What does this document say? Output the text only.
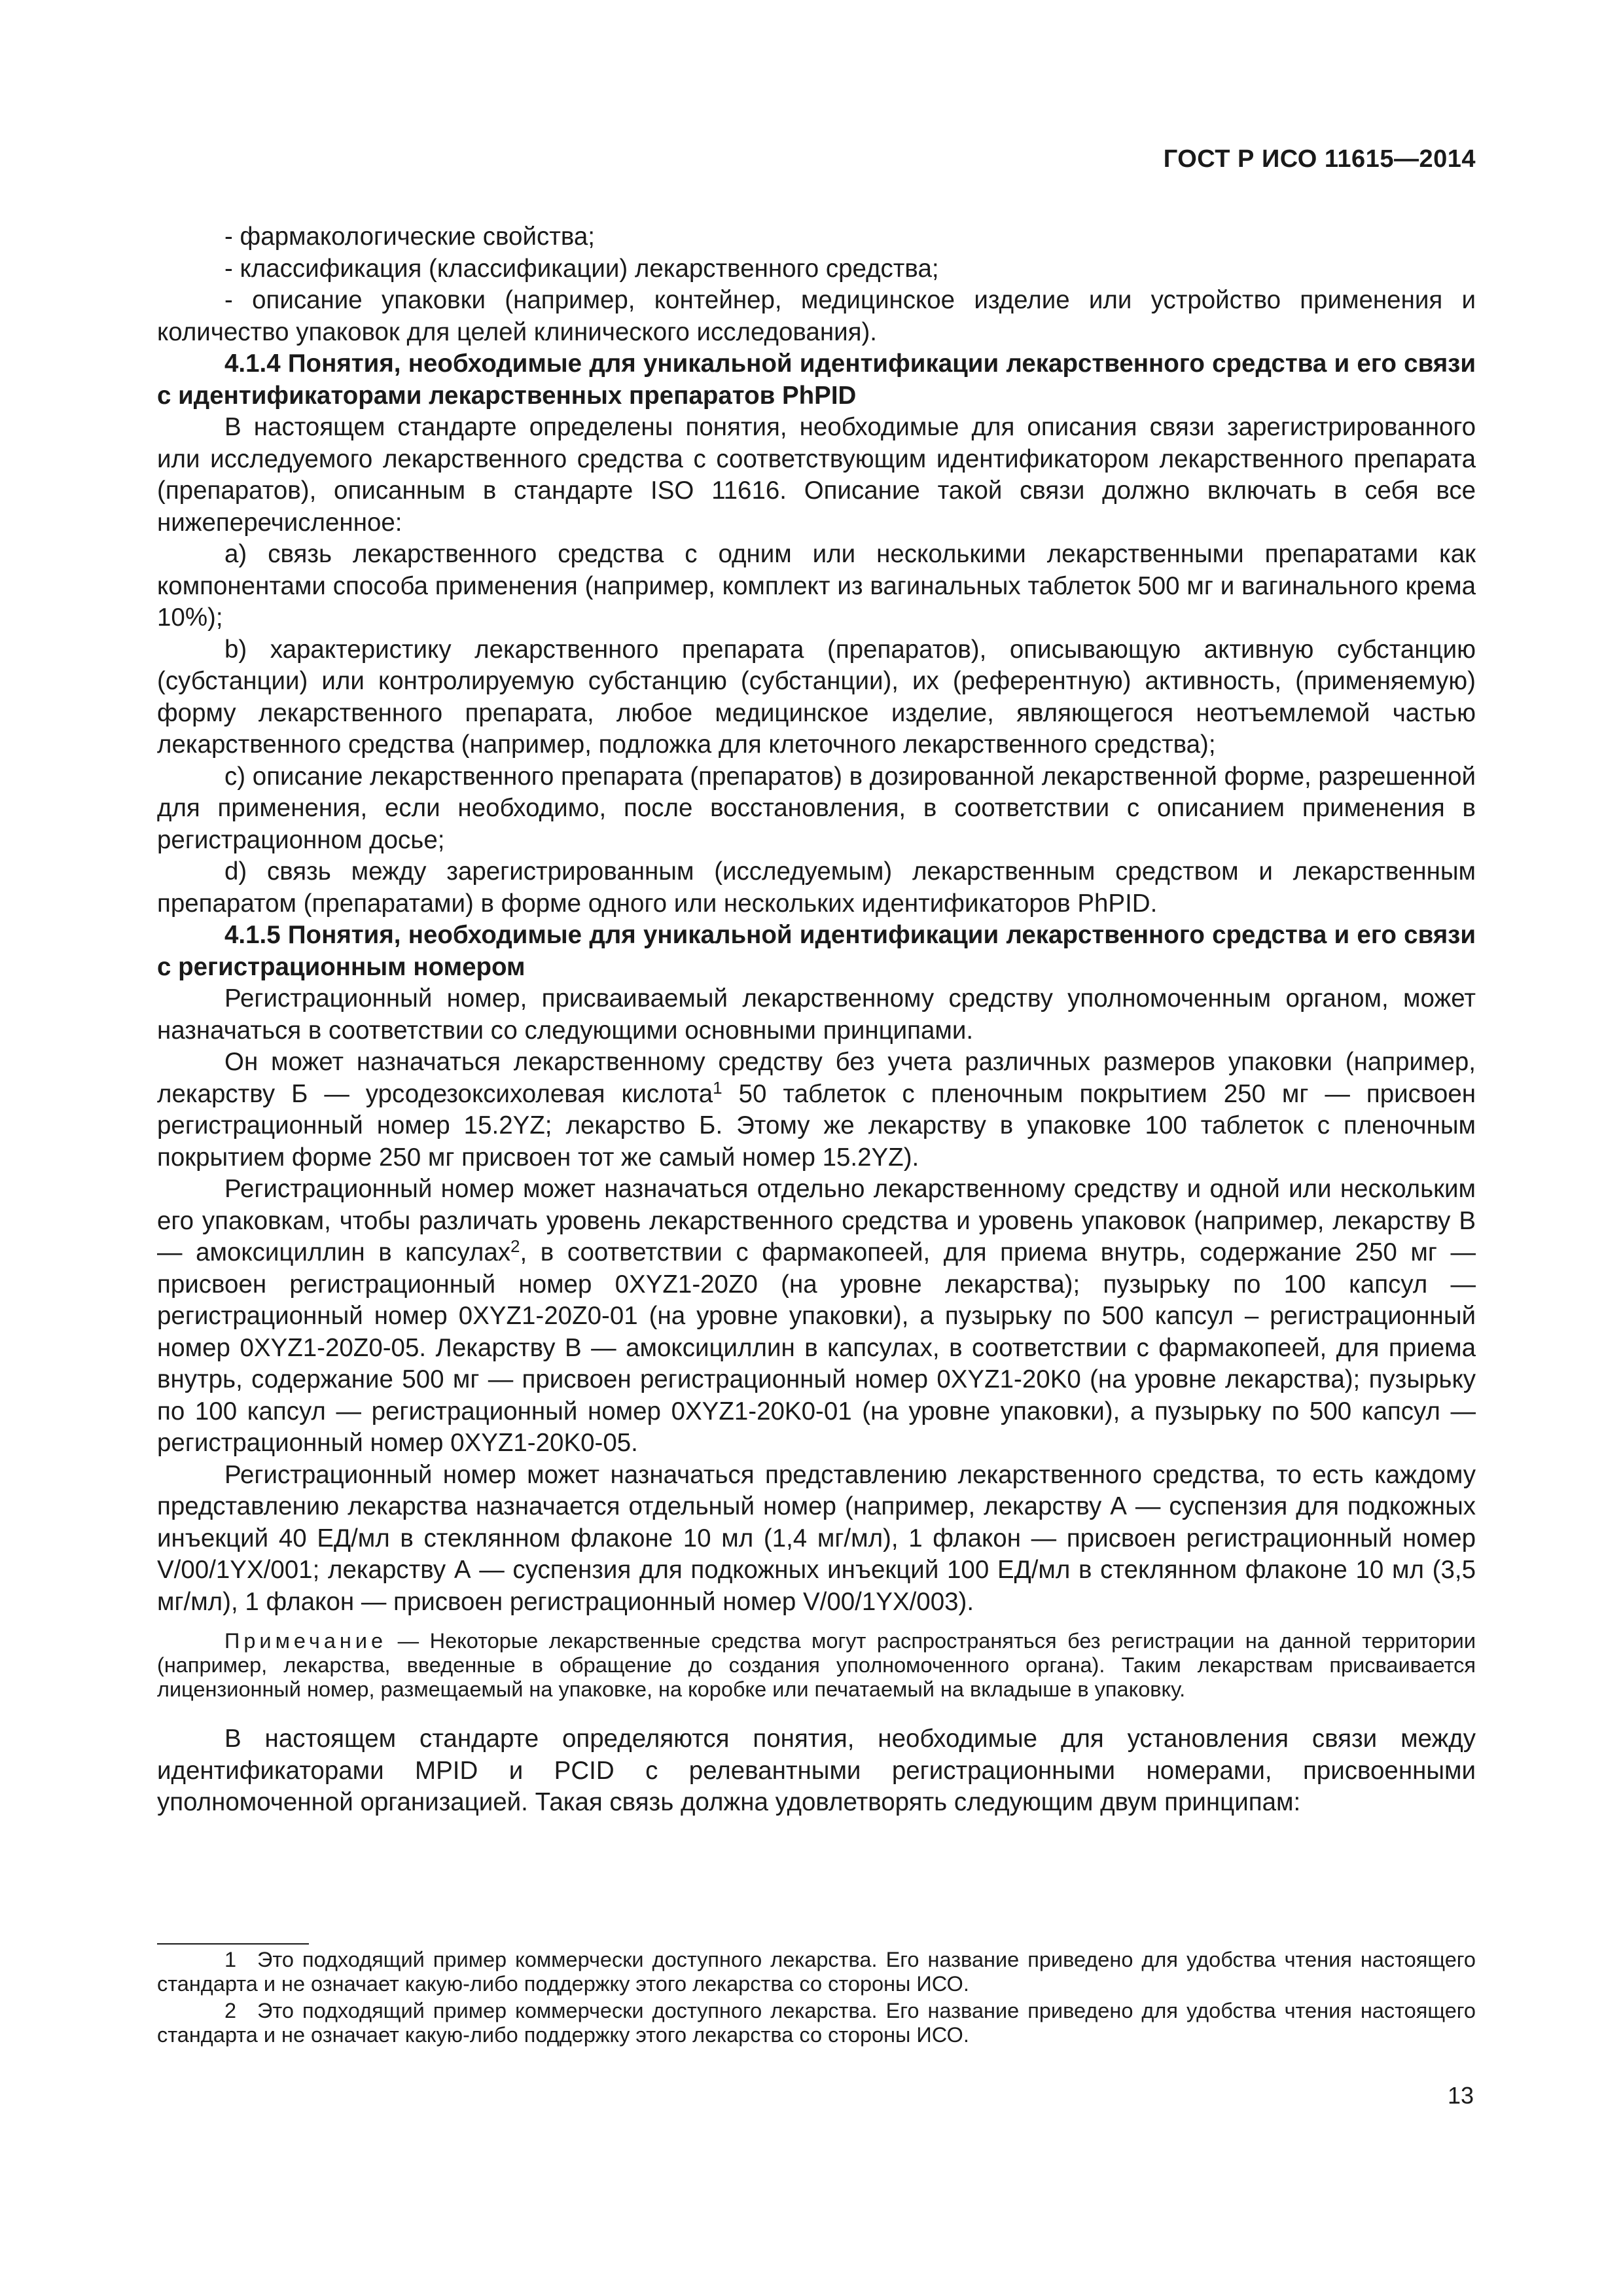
ГОСТ Р ИСО 11615—2014

- фармакологические свойства;

- классификация (классификации) лекарственного средства;

- описание упаковки (например, контейнер, медицинское изделие или устройство применения и количество упаковок для целей клинического исследования).

4.1.4 Понятия, необходимые для уникальной идентификации лекарственного средства и его связи с идентификаторами лекарственных препаратов PhPID

В настоящем стандарте определены понятия, необходимые для описания связи зарегистрированного или исследуемого лекарственного средства с соответствующим идентификатором лекарственного препарата (препаратов), описанным в стандарте ISO 11616. Описание такой связи должно включать в себя все нижеперечисленное:

a) связь лекарственного средства с одним или несколькими лекарственными препаратами как компонентами способа применения (например, комплект из вагинальных таблеток 500 мг и вагинального крема 10%);

b) характеристику лекарственного препарата (препаратов), описывающую активную субстанцию (субстанции) или контролируемую субстанцию (субстанции), их (референтную) активность, (применяемую) форму лекарственного препарата, любое медицинское изделие, являющегося неотъемлемой частью лекарственного средства (например, подложка для клеточного лекарственного средства);

c) описание лекарственного препарата (препаратов) в дозированной лекарственной форме, разрешенной для применения, если необходимо, после восстановления, в соответствии с описанием применения в регистрационном досье;

d) связь между зарегистрированным (исследуемым) лекарственным средством и лекарственным препаратом (препаратами) в форме одного или нескольких идентификаторов PhPID.

4.1.5 Понятия, необходимые для уникальной идентификации лекарственного средства и его связи с регистрационным номером

Регистрационный номер, присваиваемый лекарственному средству уполномоченным органом, может назначаться в соответствии со следующими основными принципами.

Он может назначаться лекарственному средству без учета различных размеров упаковки (например, лекарству Б — урсодезоксихолевая кислота$^1$ 50 таблеток с пленочным покрытием 250 мг — присвоен регистрационный номер 15.2YZ; лекарство Б. Этому же лекарству в упаковке 100 таблеток с пленочным покрытием форме 250 мг присвоен тот же самый номер 15.2YZ).

Регистрационный номер может назначаться отдельно лекарственному средству и одной или нескольким его упаковкам, чтобы различать уровень лекарственного средства и уровень упаковок (например, лекарству В — амоксициллин в капсулах$^2$, в соответствии с фармакопеей, для приема внутрь, содержание 250 мг — присвоен регистрационный номер 0XYZ1-20Z0 (на уровне лекарства); пузырьку по 100 капсул — регистрационный номер 0XYZ1-20Z0-01 (на уровне упаковки), а пузырьку по 500 капсул – регистрационный номер 0XYZ1-20Z0-05. Лекарству В — амоксициллин в капсулах, в соответствии с фармакопеей, для приема внутрь, содержание 500 мг — присвоен регистрационный номер 0XYZ1-20K0 (на уровне лекарства); пузырьку по 100 капсул — регистрационный номер 0XYZ1-20K0-01 (на уровне упаковки), а пузырьку по 500 капсул — регистрационный номер 0XYZ1-20K0-05.

Регистрационный номер может назначаться представлению лекарственного средства, то есть каждому представлению лекарства назначается отдельный номер (например, лекарству А — суспензия для подкожных инъекций 40 ЕД/мл в стеклянном флаконе 10 мл (1,4 мг/мл), 1 флакон — присвоен регистрационный номер V/00/1YX/001; лекарству А — суспензия для подкожных инъекций 100 ЕД/мл в стеклянном флаконе 10 мл (3,5 мг/мл), 1 флакон — присвоен регистрационный номер V/00/1YX/003).

Примечание — Некоторые лекарственные средства могут распространяться без регистрации на данной территории (например, лекарства, введенные в обращение до создания уполномоченного органа). Таким лекарствам присваивается лицензионный номер, размещаемый на упаковке, на коробке или печатаемый на вкладыше в упаковку.

В настоящем стандарте определяются понятия, необходимые для установления связи между идентификаторами MPID и PCID с релевантными регистрационными номерами, присвоенными уполномоченной организацией. Такая связь должна удовлетворять следующим двум принципам:

1 Это подходящий пример коммерчески доступного лекарства. Его название приведено для удобства чтения настоящего стандарта и не означает какую-либо поддержку этого лекарства со стороны ИСО.

2 Это подходящий пример коммерчески доступного лекарства. Его название приведено для удобства чтения настоящего стандарта и не означает какую-либо поддержку этого лекарства со стороны ИСО.

13
